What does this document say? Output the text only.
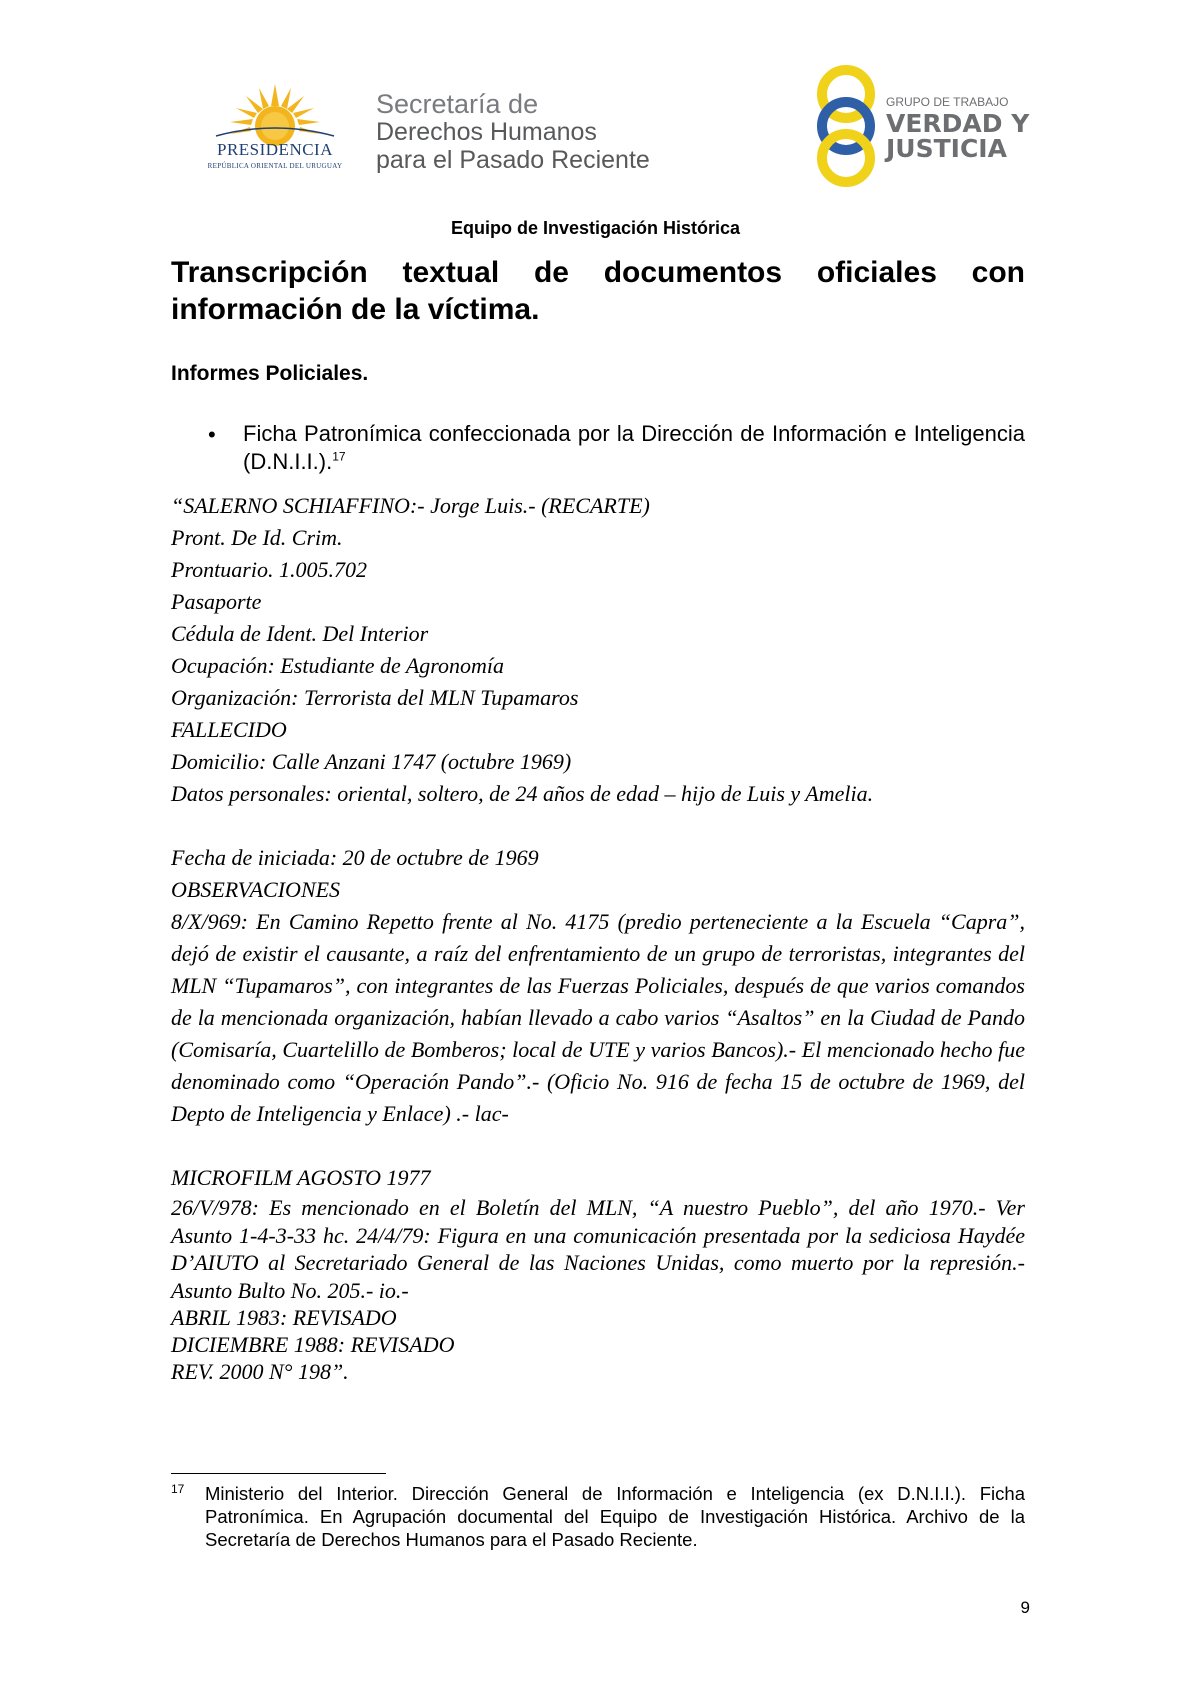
PRESIDENCIA
REPÚBLICA ORIENTAL DEL URUGUAY
Secretaría de
Derechos Humanos
para el Pasado Reciente
GRUPO DE TRABAJO
VERDAD Y
JUSTICIA
Equipo de Investigación Histórica
Transcripción textual de documentos oficiales con información de la víctima.
Informes Policiales.
• Ficha Patronímica confeccionada por la Dirección de Información e Inteligencia (D.N.I.I.).$^{17}$
“SALERNO SCHIAFFINO:- Jorge Luis.- (RECARTE)
Pront. De Id. Crim.
Prontuario. 1.005.702
Pasaporte
Cédula de Ident. Del Interior
Ocupación: Estudiante de Agronomía
Organización: Terrorista del MLN Tupamaros
FALLECIDO
Domicilio: Calle Anzani 1747 (octubre 1969)
Datos personales: oriental, soltero, de 24 años de edad – hijo de Luis y Amelia.
Fecha de iniciada: 20 de octubre de 1969
OBSERVACIONES
8/X/969: En Camino Repetto frente al No. 4175 (predio perteneciente a la Escuela “Capra”, dejó de existir el causante, a raíz del enfrentamiento de un grupo de terroristas, integrantes del MLN “Tupamaros”, con integrantes de las Fuerzas Policiales, después de que varios comandos de la mencionada organización, habían llevado a cabo varios “Asaltos” en la Ciudad de Pando (Comisaría, Cuartelillo de Bomberos; local de UTE y varios Bancos).- El mencionado hecho fue denominado como “Operación Pando”.- (Oficio No. 916 de fecha 15 de octubre de 1969, del Depto de Inteligencia y Enlace) .- lac-
MICROFILM AGOSTO 1977
26/V/978: Es mencionado en el Boletín del MLN, “A nuestro Pueblo”, del año 1970.- Ver Asunto 1-4-3-33 hc. 24/4/79: Figura en una comunicación presentada por la sediciosa Haydée D’AIUTO al Secretariado General de las Naciones Unidas, como muerto por la represión.- Asunto Bulto No. 205.- io.-
ABRIL 1983: REVISADO
DICIEMBRE 1988: REVISADO
REV. 2000 N° 198”.
17 Ministerio del Interior. Dirección General de Información e Inteligencia (ex D.N.I.I.). Ficha Patronímica. En Agrupación documental del Equipo de Investigación Histórica. Archivo de la Secretaría de Derechos Humanos para el Pasado Reciente.
9
